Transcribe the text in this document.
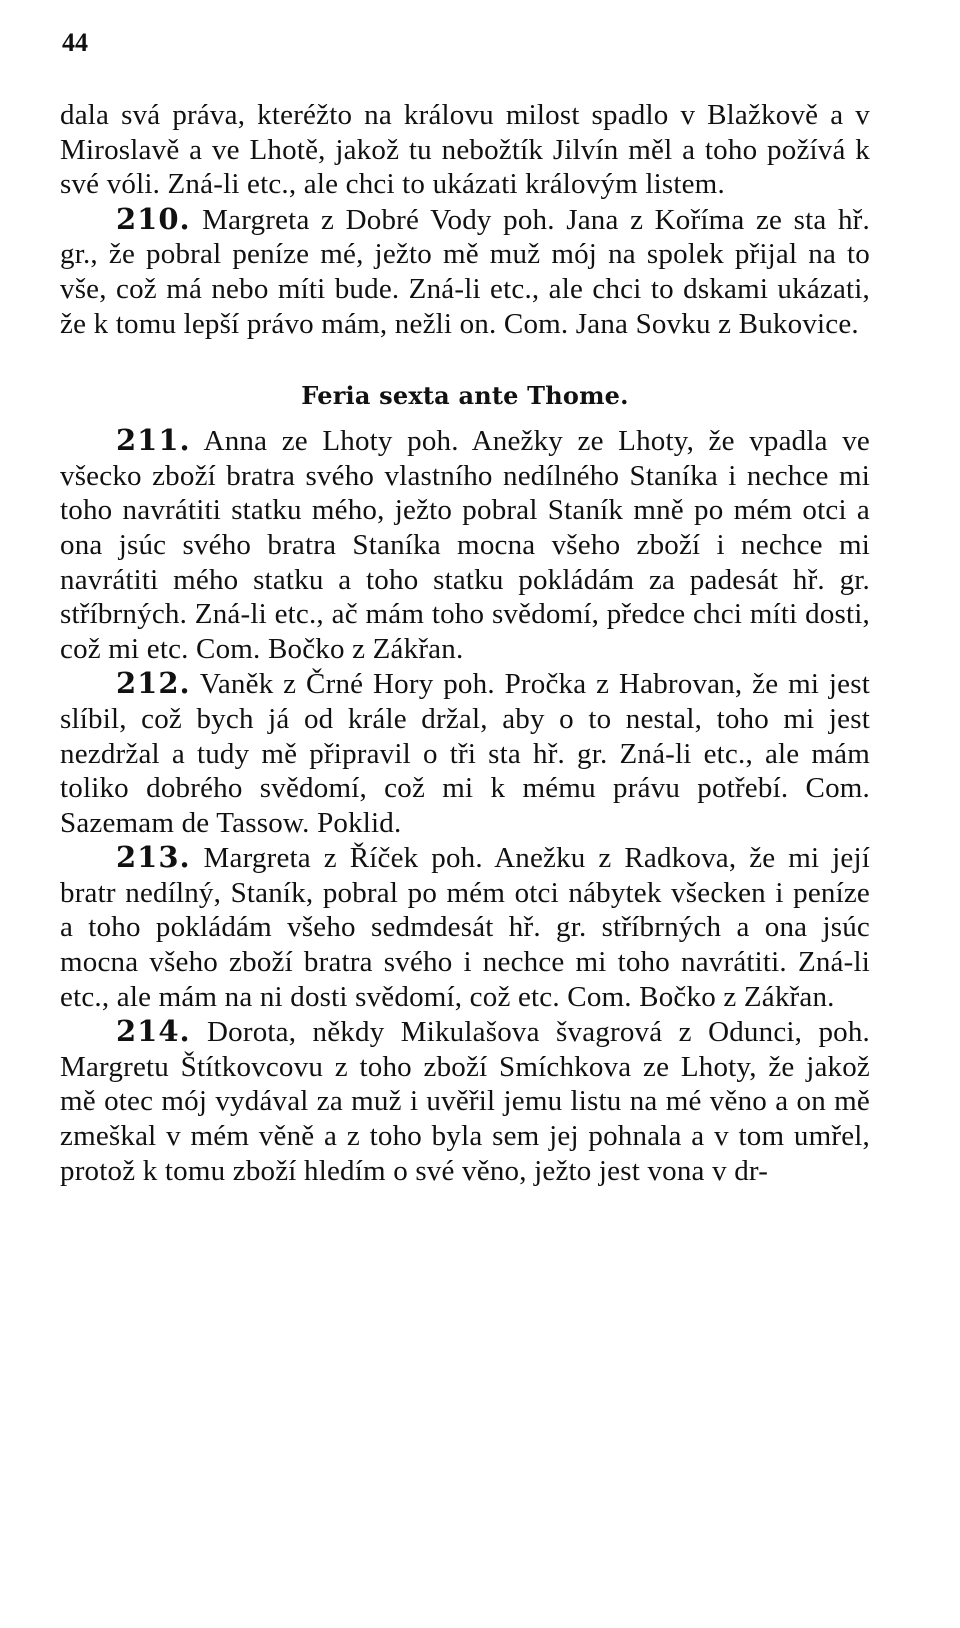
44

dala svá práva, kteréžto na královu milost spadlo v Blažkově a v Miroslavě a ve Lhotě, jakož tu nebožtík Jilvín měl a toho požívá k své vóli. Zná-li etc., ale chci to ukázati královým listem.

210. Margreta z Dobré Vody poh. Jana z Kořímа ze sta hř. gr., že pobral peníze mé, ježto mě muž mój na spolek přijal na to vše, což má nebo míti bude. Zná-li etc., ale chci to dskami ukázati, že k tomu lepší právo mám, nežli on. Com. Jana Sovku z Bukovice.

Feria sexta ante Thome.

211. Anna ze Lhoty poh. Anežky ze Lhoty, že vpadla ve všecko zboží bratra svého vlastního nedílného Staníka i nechce mi toho navrátiti statku mého, ježto pobral Staník mně po mém otci a ona jsúc svého bratra Staníka mocna všeho zboží i nechce mi navrátiti mého statku a toho statku pokládám za padesát hř. gr. stříbrných. Zná-li etc., ač mám toho svědomí, předce chci míti dosti, což mi etc. Com. Bočko z Zákřan.

212. Vaněk z Črné Hory poh. Pročka z Habrovan, že mi jest slíbil, což bych já od krále držal, aby o to nestal, toho mi jest nezdržal a tudy mě připravil o tři sta hř. gr. Zná-li etc., ale mám toliko dobrého svědomí, což mi k mému právu potřebí. Com. Sazemam de Tassow. Poklid.

213. Margreta z Říček poh. Anežku z Radkova, že mi její bratr nedílný, Staník, pobral po mém otci nábytek všecken i peníze a toho pokládám všeho sedmdesát hř. gr. stříbrných a ona jsúc mocna všeho zboží bratra svého i nechce mi toho navrátiti. Zná-li etc., ale mám na ni dosti svědomí, což etc. Com. Bočko z Zákřan.

214. Dorota, někdy Mikulašova švagrová z Odunci, poh. Margretu Štítkovcovu z toho zboží Smíchkova ze Lhoty, že jakož mě otec mój vydával za muž i uvěřil jemu listu na mé věno a on mě zmeškal v mém věně a z toho byla sem jej pohnala a v tom umřel, protož k tomu zboží hledím o své věno, ježto jest vona v dr-
